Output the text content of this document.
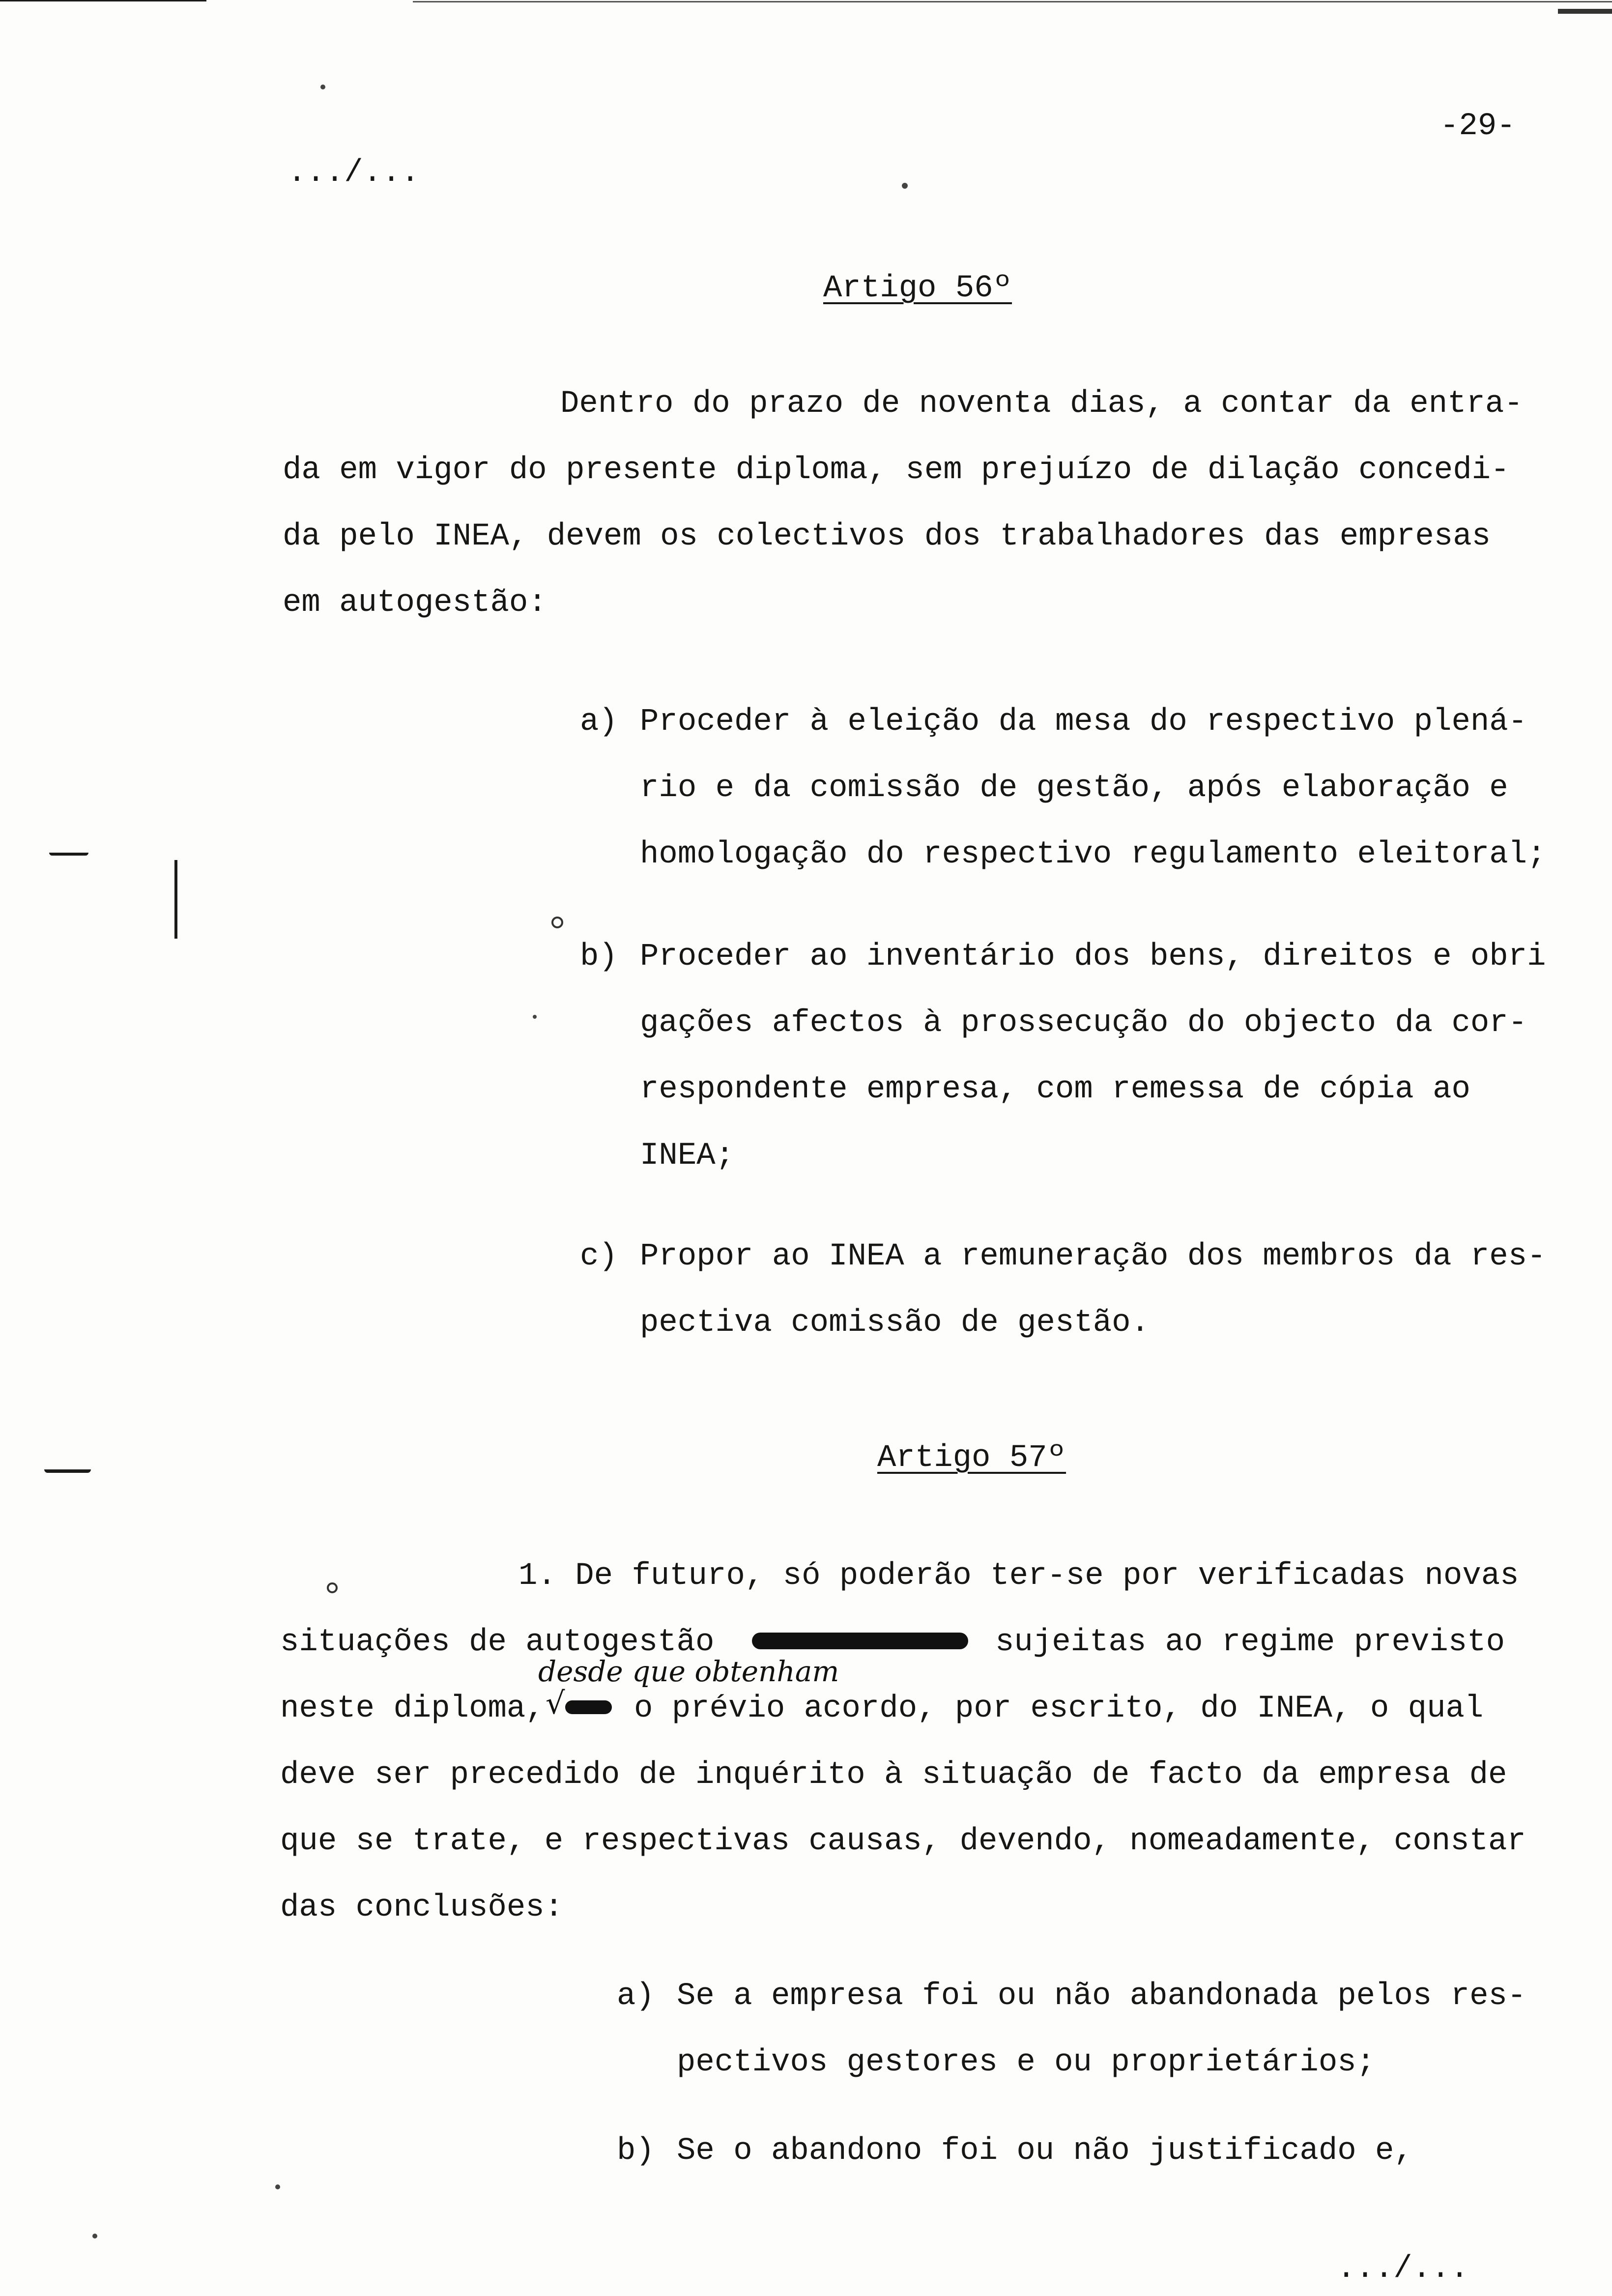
-29-
.../...
Artigo 56º
Dentro do prazo de noventa dias, a contar da entra-
da em vigor do presente diploma, sem prejuízo de dilação concedi-
da pelo INEA, devem os colectivos dos trabalhadores das empresas
em autogestão:
a) Proceder à eleição da mesa do respectivo plená-
rio e da comissão de gestão, após elaboração e
homologação do respectivo regulamento eleitoral;
b) Proceder ao inventário dos bens, direitos e obri
gações afectos à prossecução do objecto da cor-
respondente empresa, com remessa de cópia ao
INEA;
c) Propor ao INEA a remuneração dos membros da res-
pectiva comissão de gestão.
Artigo 57º
1. De futuro, só poderão ter-se por verificadas novas
situações de autogestão	sujeitas ao regime previsto
desde que obtenham
neste diploma, √ o prévio acordo, por escrito, do INEA, o qual
deve ser precedido de inquérito à situação de facto da empresa de
que se trate, e respectivas causas, devendo, nomeadamente, constar
das conclusões:
a) Se a empresa foi ou não abandonada pelos res-
pectivos gestores e ou proprietários;
b) Se o abandono foi ou não justificado e,
.../...
